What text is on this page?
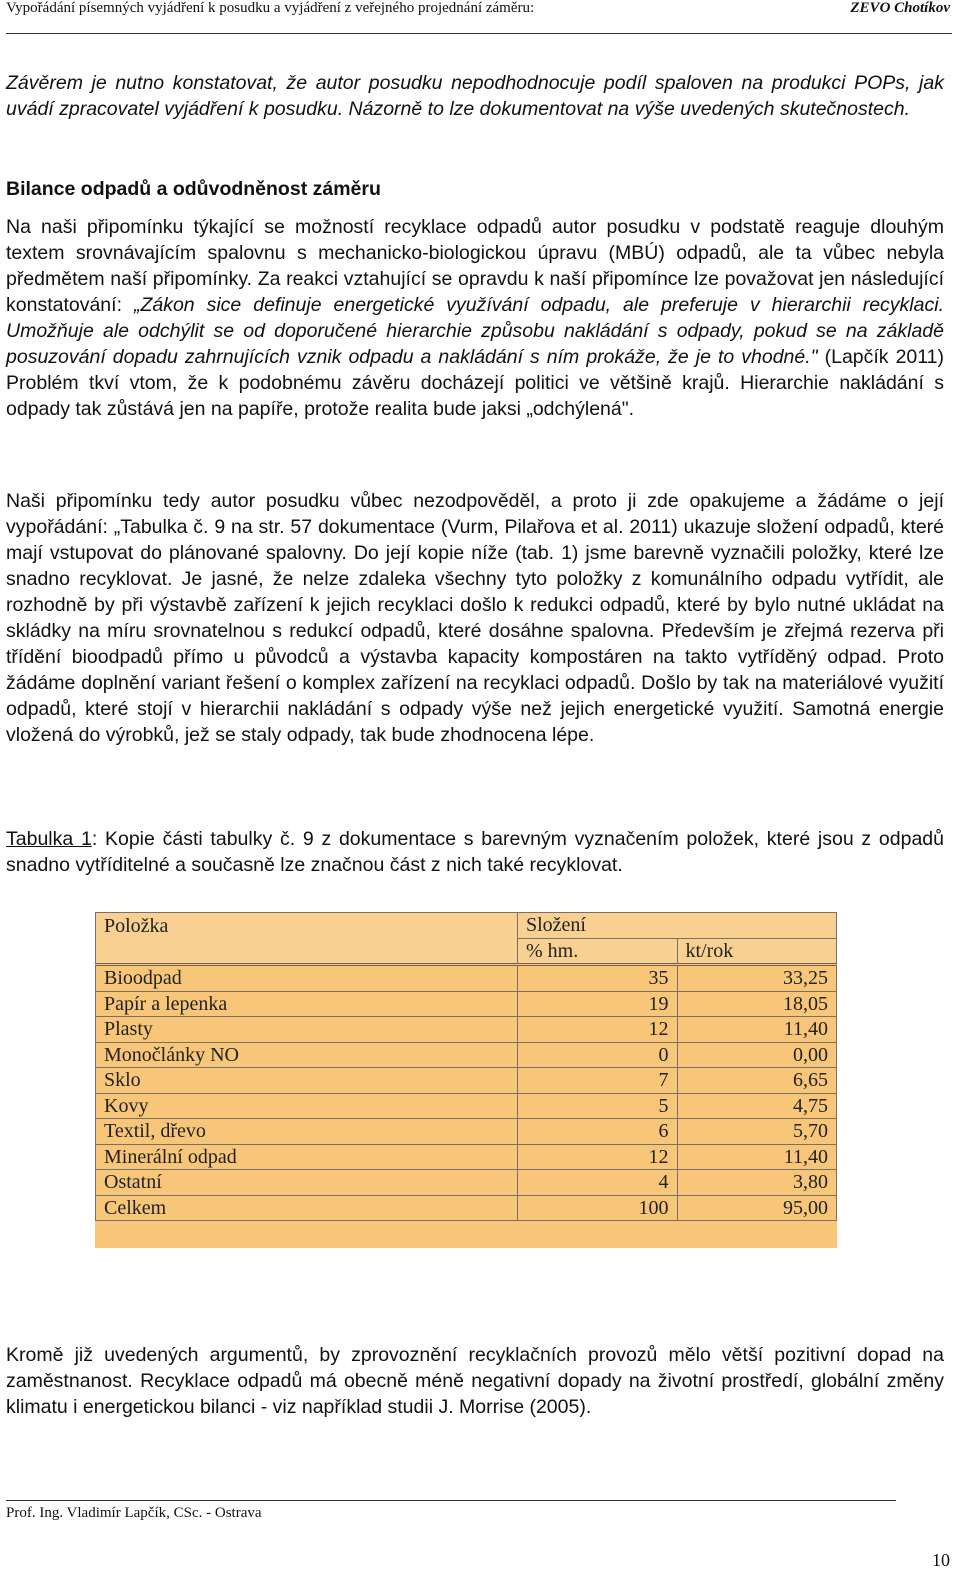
Vypořádání písemných vyjádření k posudku a vyjádření z veřejného projednání záměru:	ZEVO Chotíkov

Závěrem je nutno konstatovat, že autor posudku nepodhodnocuje podíl spaloven na produkci POPs, jak uvádí zpracovatel vyjádření k posudku. Názorně to lze dokumentovat na výše uvedených skutečnostech.

Bilance odpadů a odůvodněnost záměru

Na naši připomínku týkající se možností recyklace odpadů autor posudku v podstatě reaguje dlouhým textem srovnávajícím spalovnu s mechanicko-biologickou úpravu (MBÚ) odpadů, ale ta vůbec nebyla předmětem naší připomínky. Za reakci vztahující se opravdu k naší připomínce lze považovat jen následující konstatování: „Zákon sice definuje energetické využívání odpadu, ale preferuje v hierarchii recyklaci. Umožňuje ale odchýlit se od doporučené hierarchie způsobu nakládání s odpady, pokud se na základě posuzování dopadu zahrnujících vznik odpadu a nakládání s ním prokáže, že je to vhodné." (Lapčík 2011) Problém tkví vtom, že k podobnému závěru docházejí politici ve většině krajů. Hierarchie nakládání s odpady tak zůstává jen na papíře, protože realita bude jaksi „odchýlená".

Naši připomínku tedy autor posudku vůbec nezodpověděl, a proto ji zde opakujeme a žádáme o její vypořádání: „Tabulka č. 9 na str. 57 dokumentace (Vurm, Pilařova et al. 2011) ukazuje složení odpadů, které mají vstupovat do plánované spalovny. Do její kopie níže (tab. 1) jsme barevně vyznačili položky, které lze snadno recyklovat. Je jasné, že nelze zdaleka všechny tyto položky z komunálního odpadu vytřídit, ale rozhodně by při výstavbě zařízení k jejich recyklaci došlo k redukci odpadů, které by bylo nutné ukládat na skládky na míru srovnatelnou s redukcí odpadů, které dosáhne spalovna. Především je zřejmá rezerva při třídění bioodpadů přímo u původců a výstavba kapacity kompostáren na takto vytříděný odpad. Proto žádáme doplnění variant řešení o komplex zařízení na recyklaci odpadů. Došlo by tak na materiálové využití odpadů, které stojí v hierarchii nakládání s odpady výše než jejich energetické využití. Samotná energie vložená do výrobků, jež se staly odpady, tak bude zhodnocena lépe.

Tabulka 1: Kopie části tabulky č. 9 z dokumentace s barevným vyznačením položek, které jsou z odpadů snadno vytříditelné a současně lze značnou část z nich také recyklovat.

Položka	Složení	
	% hm.	kt/rok
Bioodpad	35	33,25
Papír a lepenka	19	18,05
Plasty	12	11,40
Monočlánky NO	0	0,00
Sklo	7	6,65
Kovy	5	4,75
Textil, dřevo	6	5,70
Minerální odpad	12	11,40
Ostatní	4	3,80
Celkem	100	95,00

Kromě již uvedených argumentů, by zprovoznění recyklačních provozů mělo větší pozitivní dopad na zaměstnanost. Recyklace odpadů má obecně méně negativní dopady na životní prostředí, globální změny klimatu i energetickou bilanci - viz například studii J. Morrise (2005).

Prof. Ing. Vladimír Lapčík, CSc. - Ostrava
10
